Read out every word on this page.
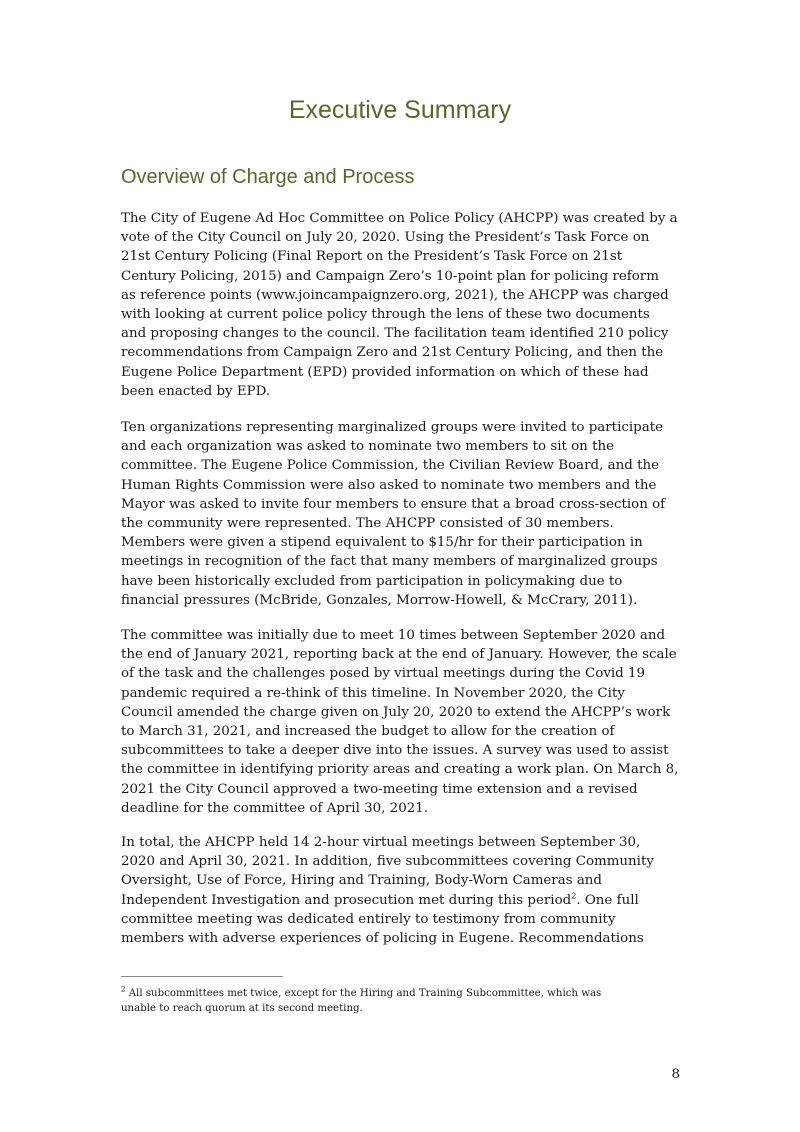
Executive Summary
Overview of Charge and Process

The City of Eugene Ad Hoc Committee on Police Policy (AHCPP) was created by a
vote of the City Council on July 20, 2020. Using the President’s Task Force on
21st Century Policing (Final Report on the President’s Task Force on 21st
Century Policing, 2015) and Campaign Zero’s 10-point plan for policing reform
as reference points (www.joincampaignzero.org, 2021), the AHCPP was charged
with looking at current police policy through the lens of these two documents
and proposing changes to the council. The facilitation team identified 210 policy
recommendations from Campaign Zero and 21st Century Policing, and then the
Eugene Police Department (EPD) provided information on which of these had
been enacted by EPD.

Ten organizations representing marginalized groups were invited to participate
and each organization was asked to nominate two members to sit on the
committee. The Eugene Police Commission, the Civilian Review Board, and the
Human Rights Commission were also asked to nominate two members and the
Mayor was asked to invite four members to ensure that a broad cross-section of
the community were represented. The AHCPP consisted of 30 members.
Members were given a stipend equivalent to $15/hr for their participation in
meetings in recognition of the fact that many members of marginalized groups
have been historically excluded from participation in policymaking due to
financial pressures (McBride, Gonzales, Morrow-Howell, & McCrary, 2011).

The committee was initially due to meet 10 times between September 2020 and
the end of January 2021, reporting back at the end of January. However, the scale
of the task and the challenges posed by virtual meetings during the Covid 19
pandemic required a re-think of this timeline. In November 2020, the City
Council amended the charge given on July 20, 2020 to extend the AHCPP’s work
to March 31, 2021, and increased the budget to allow for the creation of
subcommittees to take a deeper dive into the issues. A survey was used to assist
the committee in identifying priority areas and creating a work plan. On March 8,
2021 the City Council approved a two-meeting time extension and a revised
deadline for the committee of April 30, 2021.

In total, the AHCPP held 14 2-hour virtual meetings between September 30,
2020 and April 30, 2021. In addition, five subcommittees covering Community
Oversight, Use of Force, Hiring and Training, Body-Worn Cameras and
Independent Investigation and prosecution met during this period$^2$. One full
committee meeting was dedicated entirely to testimony from community
members with adverse experiences of policing in Eugene. Recommendations

$^2$ All subcommittees met twice, except for the Hiring and Training Subcommittee, which was
unable to reach quorum at its second meeting.

8
